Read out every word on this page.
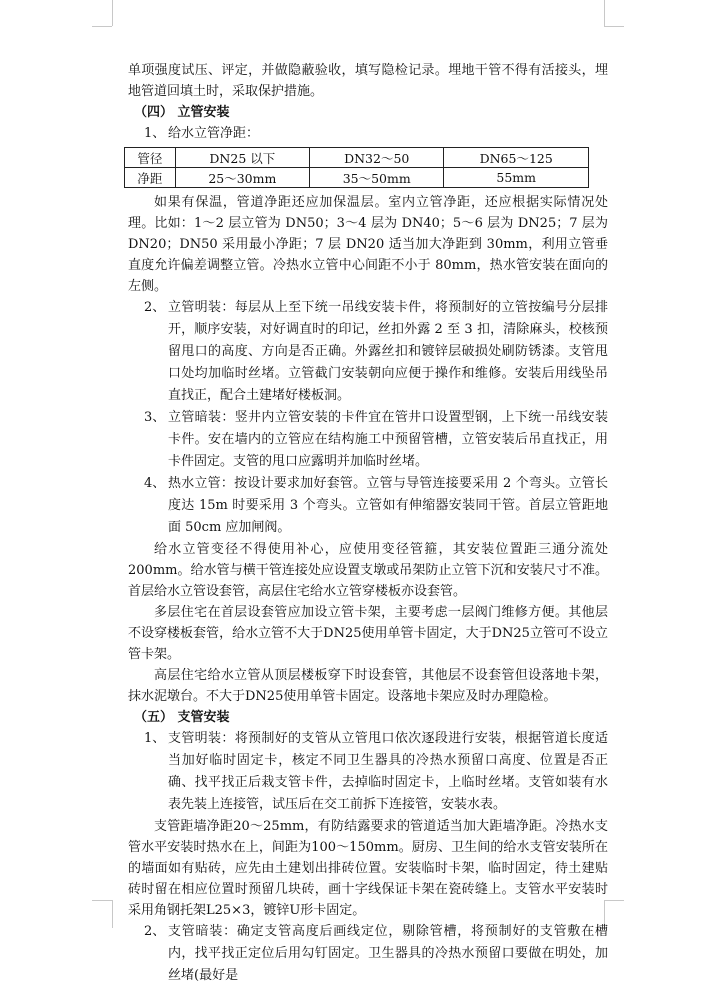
单项强度试压、评定，并做隐蔽验收，填写隐检记录。埋地干管不得有活接头，埋地管道回填土时，采取保护措施。

（四） 立管安装

1、 给水立管净距：
管径	DN25 以下	DN32～50	DN65～125
净距	25～30mm	35～50mm	55mm

如果有保温，管道净距还应加保温层。室内立管净距，还应根据实际情况处理。比如：1～2 层立管为 DN50；3～4 层为 DN40；5～6 层为 DN25；7 层为 DN20；DN50 采用最小净距；7 层 DN20 适当加大净距到 30mm，利用立管垂直度允许偏差调整立管。冷热水立管中心间距不小于 80mm，热水管安装在面向的左侧。

2、 立管明装：每层从上至下统一吊线安装卡件，将预制好的立管按编号分层排开，顺序安装，对好调直时的印记，丝扣外露 2 至 3 扣，清除麻头，校核预留甩口的高度、方向是否正确。外露丝扣和镀锌层破损处刷防锈漆。支管甩口处均加临时丝堵。立管截门安装朝向应便于操作和维修。安装后用线坠吊直找正，配合土建堵好楼板洞。
3、 立管暗装：竖井内立管安装的卡件宜在管井口设置型钢，上下统一吊线安装卡件。安在墙内的立管应在结构施工中预留管槽，立管安装后吊直找正，用卡件固定。支管的甩口应露明并加临时丝堵。
4、 热水立管：按设计要求加好套管。立管与导管连接要采用 2 个弯头。立管长度达 15m 时要采用 3 个弯头。立管如有伸缩器安装同干管。首层立管距地面 50cm 应加闸阀。

给水立管变径不得使用补心，应使用变径管箍，其安装位置距三通分流处 200mm。给水管与横干管连接处应设置支墩或吊架防止立管下沉和安装尺寸不准。首层给水立管设套管，高层住宅给水立管穿楼板亦设套管。

多层住宅在首层设套管应加设立管卡架，主要考虑一层阀门维修方便。其他层不设穿楼板套管，给水立管不大于DN25使用单管卡固定，大于DN25立管可不设立管卡架。

高层住宅给水立管从顶层楼板穿下时设套管，其他层不设套管但设落地卡架，抹水泥墩台。不大于DN25使用单管卡固定。设落地卡架应及时办理隐检。

（五） 支管安装

1、 支管明装：将预制好的支管从立管甩口依次逐段进行安装，根据管道长度适当加好临时固定卡，核定不同卫生器具的冷热水预留口高度、位置是否正确、找平找正后栽支管卡件，去掉临时固定卡，上临时丝堵。支管如装有水表先装上连接管，试压后在交工前拆下连接管，安装水表。

支管距墙净距20～25mm，有防结露要求的管道适当加大距墙净距。冷热水支管水平安装时热水在上，间距为100～150mm。厨房、卫生间的给水支管安装所在的墙面如有贴砖，应先由土建划出排砖位置。安装临时卡架，临时固定，待土建贴砖时留在相应位置时预留几块砖，画十字线保证卡架在瓷砖缝上。支管水平安装时采用角钢托架L25×3，镀锌U形卡固定。

2、 支管暗装：确定支管高度后画线定位，剔除管槽，将预制好的支管敷在槽内，找平找正定位后用勾钉固定。卫生器具的冷热水预留口要做在明处，加丝堵(最好是
